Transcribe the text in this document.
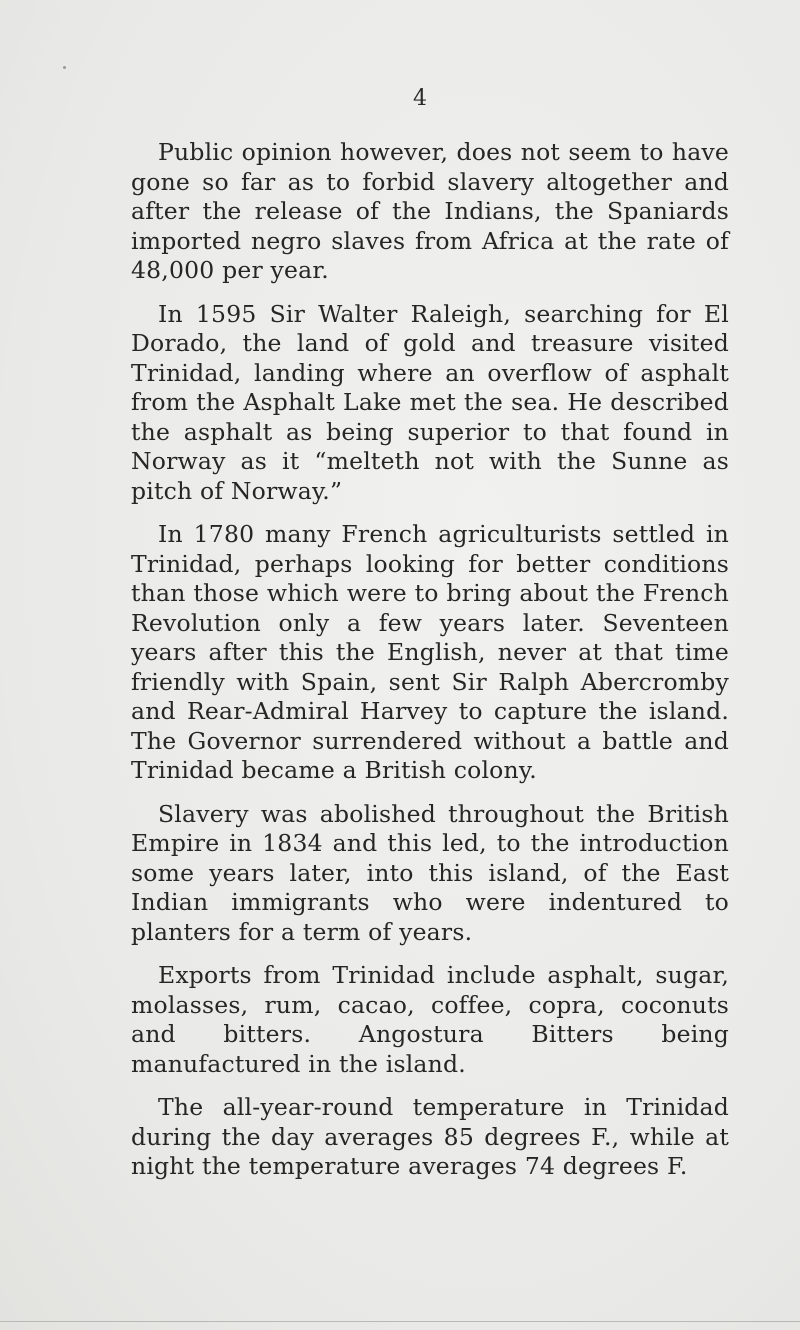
4

Public opinion however, does not seem to have gone so far as to forbid slavery altogether and after the release of the Indians, the Spaniards imported negro slaves from Africa at the rate of 48,000 per year.

In 1595 Sir Walter Raleigh, searching for El Dorado, the land of gold and treasure visited Trinidad, landing where an overflow of asphalt from the Asphalt Lake met the sea. He described the asphalt as being superior to that found in Norway as it “melteth not with the Sunne as pitch of Norway.”

In 1780 many French agriculturists settled in Trinidad, perhaps looking for better conditions than those which were to bring about the French Revolution only a few years later. Seventeen years after this the English, never at that time friendly with Spain, sent Sir Ralph Abercromby and Rear-Admiral Harvey to capture the island. The Governor surrendered without a battle and Trinidad became a British colony.

Slavery was abolished throughout the British Empire in 1834 and this led, to the introduction some years later, into this island, of the East Indian immigrants who were indentured to planters for a term of years.

Exports from Trinidad include asphalt, sugar, molasses, rum, cacao, coffee, copra, coconuts and bitters. Angostura Bitters being manufactured in the island.

The all-year-round temperature in Trinidad during the day averages 85 degrees F., while at night the temperature averages 74 degrees F.
